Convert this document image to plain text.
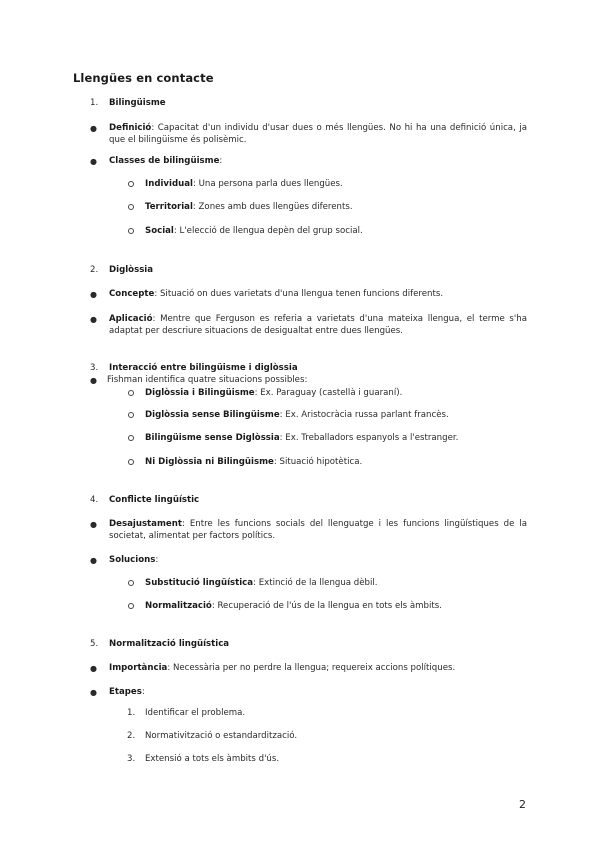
Llengües en contacte
1. Bilingüisme
● Definició: Capacitat d'un individu d'usar dues o més llengües. No hi ha una definició única, ja que el bilingüisme és polisèmic.
● Classes de bilingüisme:
Individual: Una persona parla dues llengües.
Territorial: Zones amb dues llengües diferents.
Social: L'elecció de llengua depèn del grup social.
2. Diglòssia
● Concepte: Situació on dues varietats d'una llengua tenen funcions diferents.
● Aplicació: Mentre que Ferguson es referia a varietats d'una mateixa llengua, el terme s'ha adaptat per descriure situacions de desigualtat entre dues llengües.
3. Interacció entre bilingüisme i diglòssia
● Fishman identifica quatre situacions possibles:
Diglòssia i Bilingüisme: Ex. Paraguay (castellà i guaraní).
Diglòssia sense Bilingüisme: Ex. Aristocràcia russa parlant francès.
Bilingüisme sense Diglòssia: Ex. Treballadors espanyols a l'estranger.
Ni Diglòssia ni Bilingüisme: Situació hipotètica.
4. Conflicte lingüístic
● Desajustament: Entre les funcions socials del llenguatge i les funcions lingüístiques de la societat, alimentat per factors polítics.
● Solucions:
Substitució lingüística: Extinció de la llengua dèbil.
Normalització: Recuperació de l'ús de la llengua en tots els àmbits.
5. Normalització lingüística
● Importància: Necessària per no perdre la llengua; requereix accions polítiques.
● Etapes:
1. Identificar el problema.
2. Normativització o estandardització.
3. Extensió a tots els àmbits d'ús.
2
